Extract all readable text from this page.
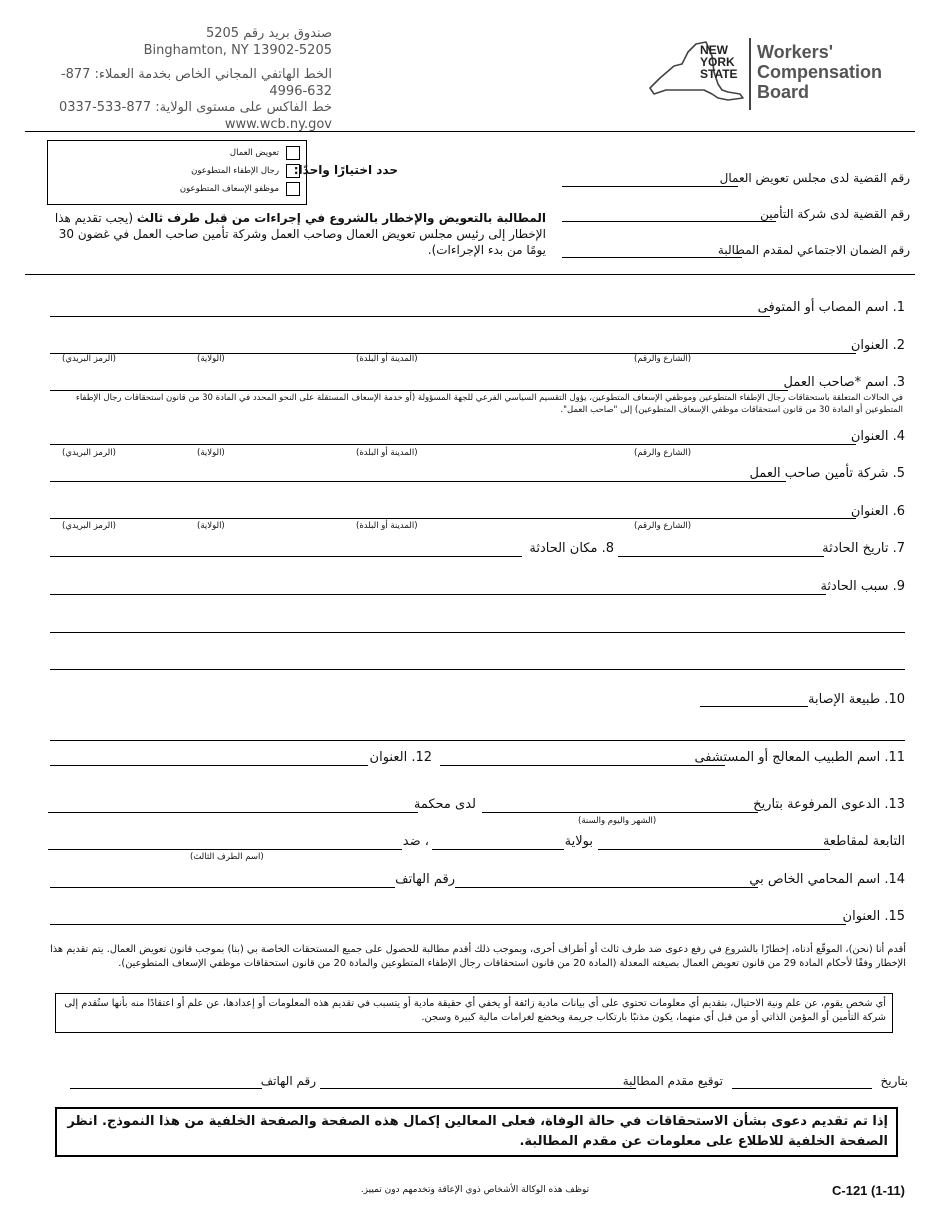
صندوق بريد رقم 5205
Binghamton, NY 13902-5205
الخط الهاتفي المجاني الخاص بخدمة العملاء: 877-632-4996
خط الفاكس على مستوى الولاية: 877-533-0337
www.wcb.ny.gov
NEW
YORK
STATE
Workers'
Compensation
Board
تعويض العمال
رجال الإطفاء المتطوعون
موظفو الإسعاف المتطوعون
حدد اختيارًا واحدًا:
المطالبة بالتعويض والإخطار بالشروع في إجراءات من قبل طرف ثالث (يجب تقديم هذا الإخطار إلى رئيس مجلس تعويض العمال وصاحب العمل وشركة تأمين صاحب العمل في غضون 30 يومًا من بدء الإجراءات).
رقم القضية لدى مجلس تعويض العمال
رقم القضية لدى شركة التأمين
رقم الضمان الاجتماعي لمقدم المطالبة
1. اسم المصاب أو المتوفى
2. العنوان
(الشارع والرقم)
(المدينة أو البلدة)
(الولاية)
(الرمز البريدي)
3. اسم *صاحب العمل
في الحالات المتعلقة باستحقاقات رجال الإطفاء المتطوعين وموظفي الإسعاف المتطوعين، يؤول التقسيم السياسي الفرعي للجهة المسؤولة (أو خدمة الإسعاف المستقلة على النحو المحدد في المادة 30 من قانون استحقاقات رجال الإطفاء المتطوعين أو المادة 30 من قانون استحقاقات موظفي الإسعاف المتطوعين) إلى "صاحب العمل".
4. العنوان
(الشارع والرقم)
(المدينة أو البلدة)
(الولاية)
(الرمز البريدي)
5. شركة تأمين صاحب العمل
6. العنوان
(الشارع والرقم)
(المدينة أو البلدة)
(الولاية)
(الرمز البريدي)
7. تاريخ الحادثة
8. مكان الحادثة
9. سبب الحادثة
10. طبيعة الإصابة
11. اسم الطبيب المعالج أو المستشفى
12. العنوان
13. الدعوى المرفوعة بتاريخ
(الشهر واليوم والسنة)
لدى محكمة
التابعة لمقاطعة
بولاية
، ضد
(اسم الطرف الثالث)
14. اسم المحامي الخاص بي
رقم الهاتف
15. العنوان
أقدم أنا (نحن)، الموقّع أدناه، إخطارًا بالشروع في رفع دعوى ضد طرف ثالث أو أطراف أخرى، وبموجب ذلك أقدم مطالبة للحصول على جميع المستحقات الخاصة بي (بنا) بموجب قانون تعويض العمال. يتم تقديم هذا الإخطار وفقًا لأحكام المادة 29 من قانون تعويض العمال بصيغته المعدلة (المادة 20 من قانون استحقاقات رجال الإطفاء المتطوعين والمادة 20 من قانون استحقاقات موظفي الإسعاف المتطوعين).
أي شخص يقوم، عن علم ونية الاحتيال، بتقديم أي معلومات تحتوي على أي بيانات مادية زائفة أو يخفي أي حقيقة مادية أو يتسبب في تقديم هذه المعلومات أو إعدادها، عن علم أو اعتقادًا منه بأنها ستُقدم إلى شركة التأمين أو المؤمن الذاتي أو من قبل أي منهما، يكون مذنبًا بارتكاب جريمة ويخضع لغرامات مالية كبيرة وسجن.
بتاريخ
توقيع مقدم المطالبة
رقم الهاتف
إذا تم تقديم دعوى بشأن الاستحقاقات في حالة الوفاة، فعلى المعالين إكمال هذه الصفحة والصفحة الخلفية من هذا النموذج. انظر الصفحة الخلفية للاطلاع على معلومات عن مقدم المطالبة.
C-121 (1-11)
توظف هذه الوكالة الأشخاص ذوي الإعاقة وتخدمهم دون تمييز.
